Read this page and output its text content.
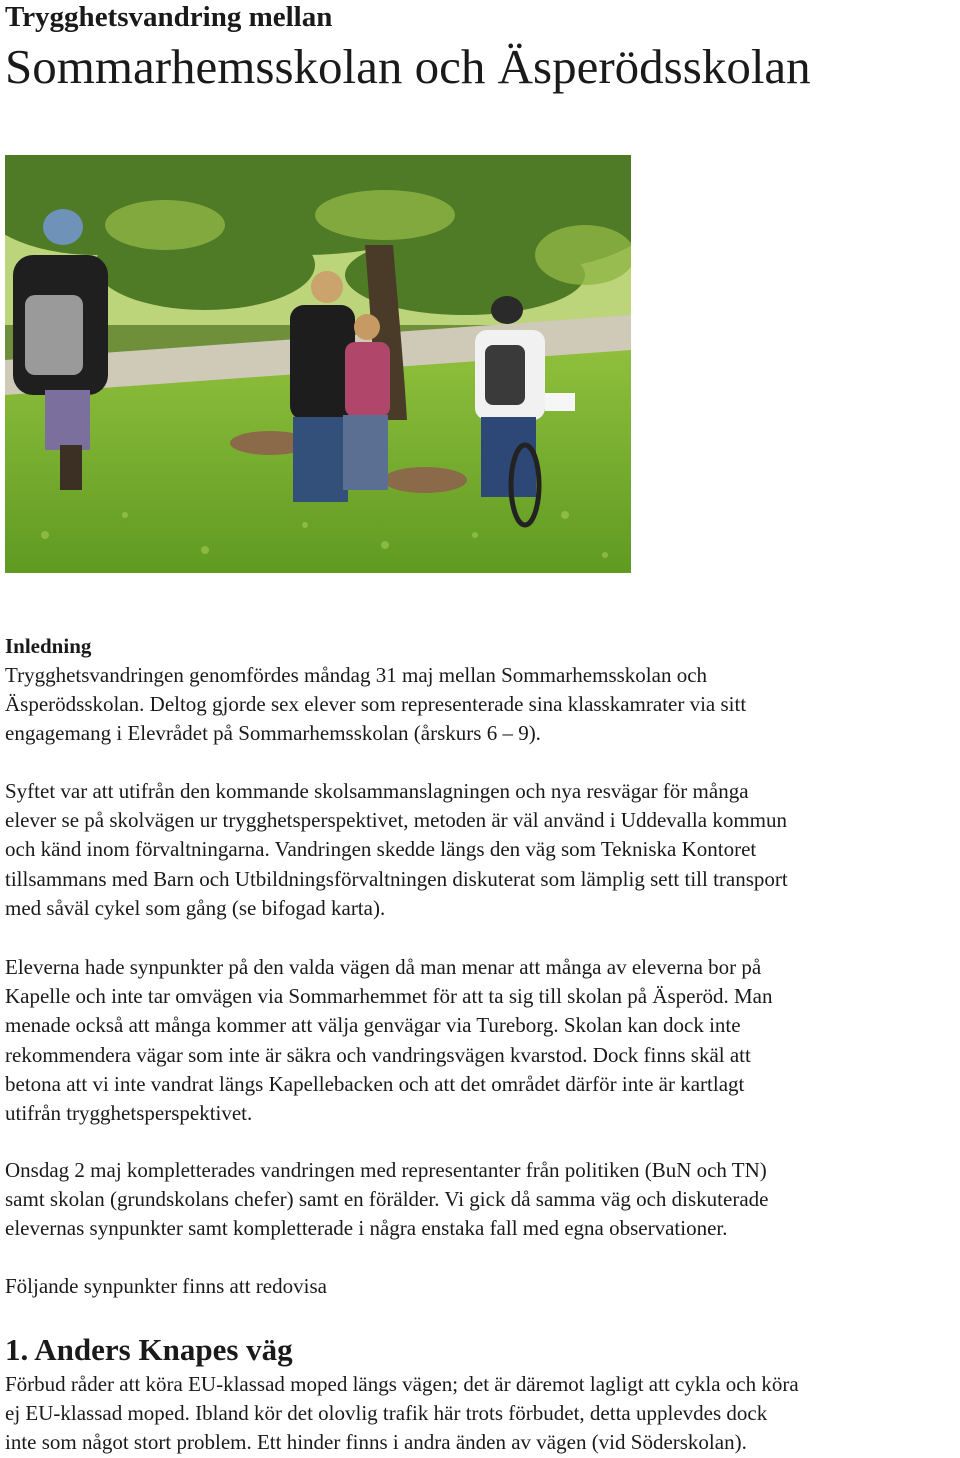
Trygghetsvandring mellan
Sommarhemsskolan och Äsperödsskolan
Inledning

Trygghetsvandringen genomfördes måndag 31 maj mellan Sommarhemsskolan och
Äsperödsskolan. Deltog gjorde sex elever som representerade sina klasskamrater via sitt
engagemang i Elevrådet på Sommarhemsskolan (årskurs 6 – 9).

Syftet var att utifrån den kommande skolsammanslagningen och nya resvägar för många
elever se på skolvägen ur trygghetsperspektivet, metoden är väl använd i Uddevalla kommun
och känd inom förvaltningarna. Vandringen skedde längs den väg som Tekniska Kontoret
tillsammans med Barn och Utbildningsförvaltningen diskuterat som lämplig sett till transport
med såväl cykel som gång (se bifogad karta).

Eleverna hade synpunkter på den valda vägen då man menar att många av eleverna bor på
Kapelle och inte tar omvägen via Sommarhemmet för att ta sig till skolan på Äsperöd. Man
menade också att många kommer att välja genvägar via Tureborg. Skolan kan dock inte
rekommendera vägar som inte är säkra och vandringsvägen kvarstod. Dock finns skäl att
betona att vi inte vandrat längs Kapellebacken och att det området därför inte är kartlagt
utifrån trygghetsperspektivet.

Onsdag 2 maj kompletterades vandringen med representanter från politiken (BuN och TN)
samt skolan (grundskolans chefer) samt en förälder. Vi gick då samma väg och diskuterade
elevernas synpunkter samt kompletterade i några enstaka fall med egna observationer.

Följande synpunkter finns att redovisa

1. Anders Knapes väg

Förbud råder att köra EU-klassad moped längs vägen; det är däremot lagligt att cykla och köra
ej EU-klassad moped. Ibland kör det olovlig trafik här trots förbudet, detta upplevdes dock
inte som något stort problem. Ett hinder finns i andra änden av vägen (vid Söderskolan).
